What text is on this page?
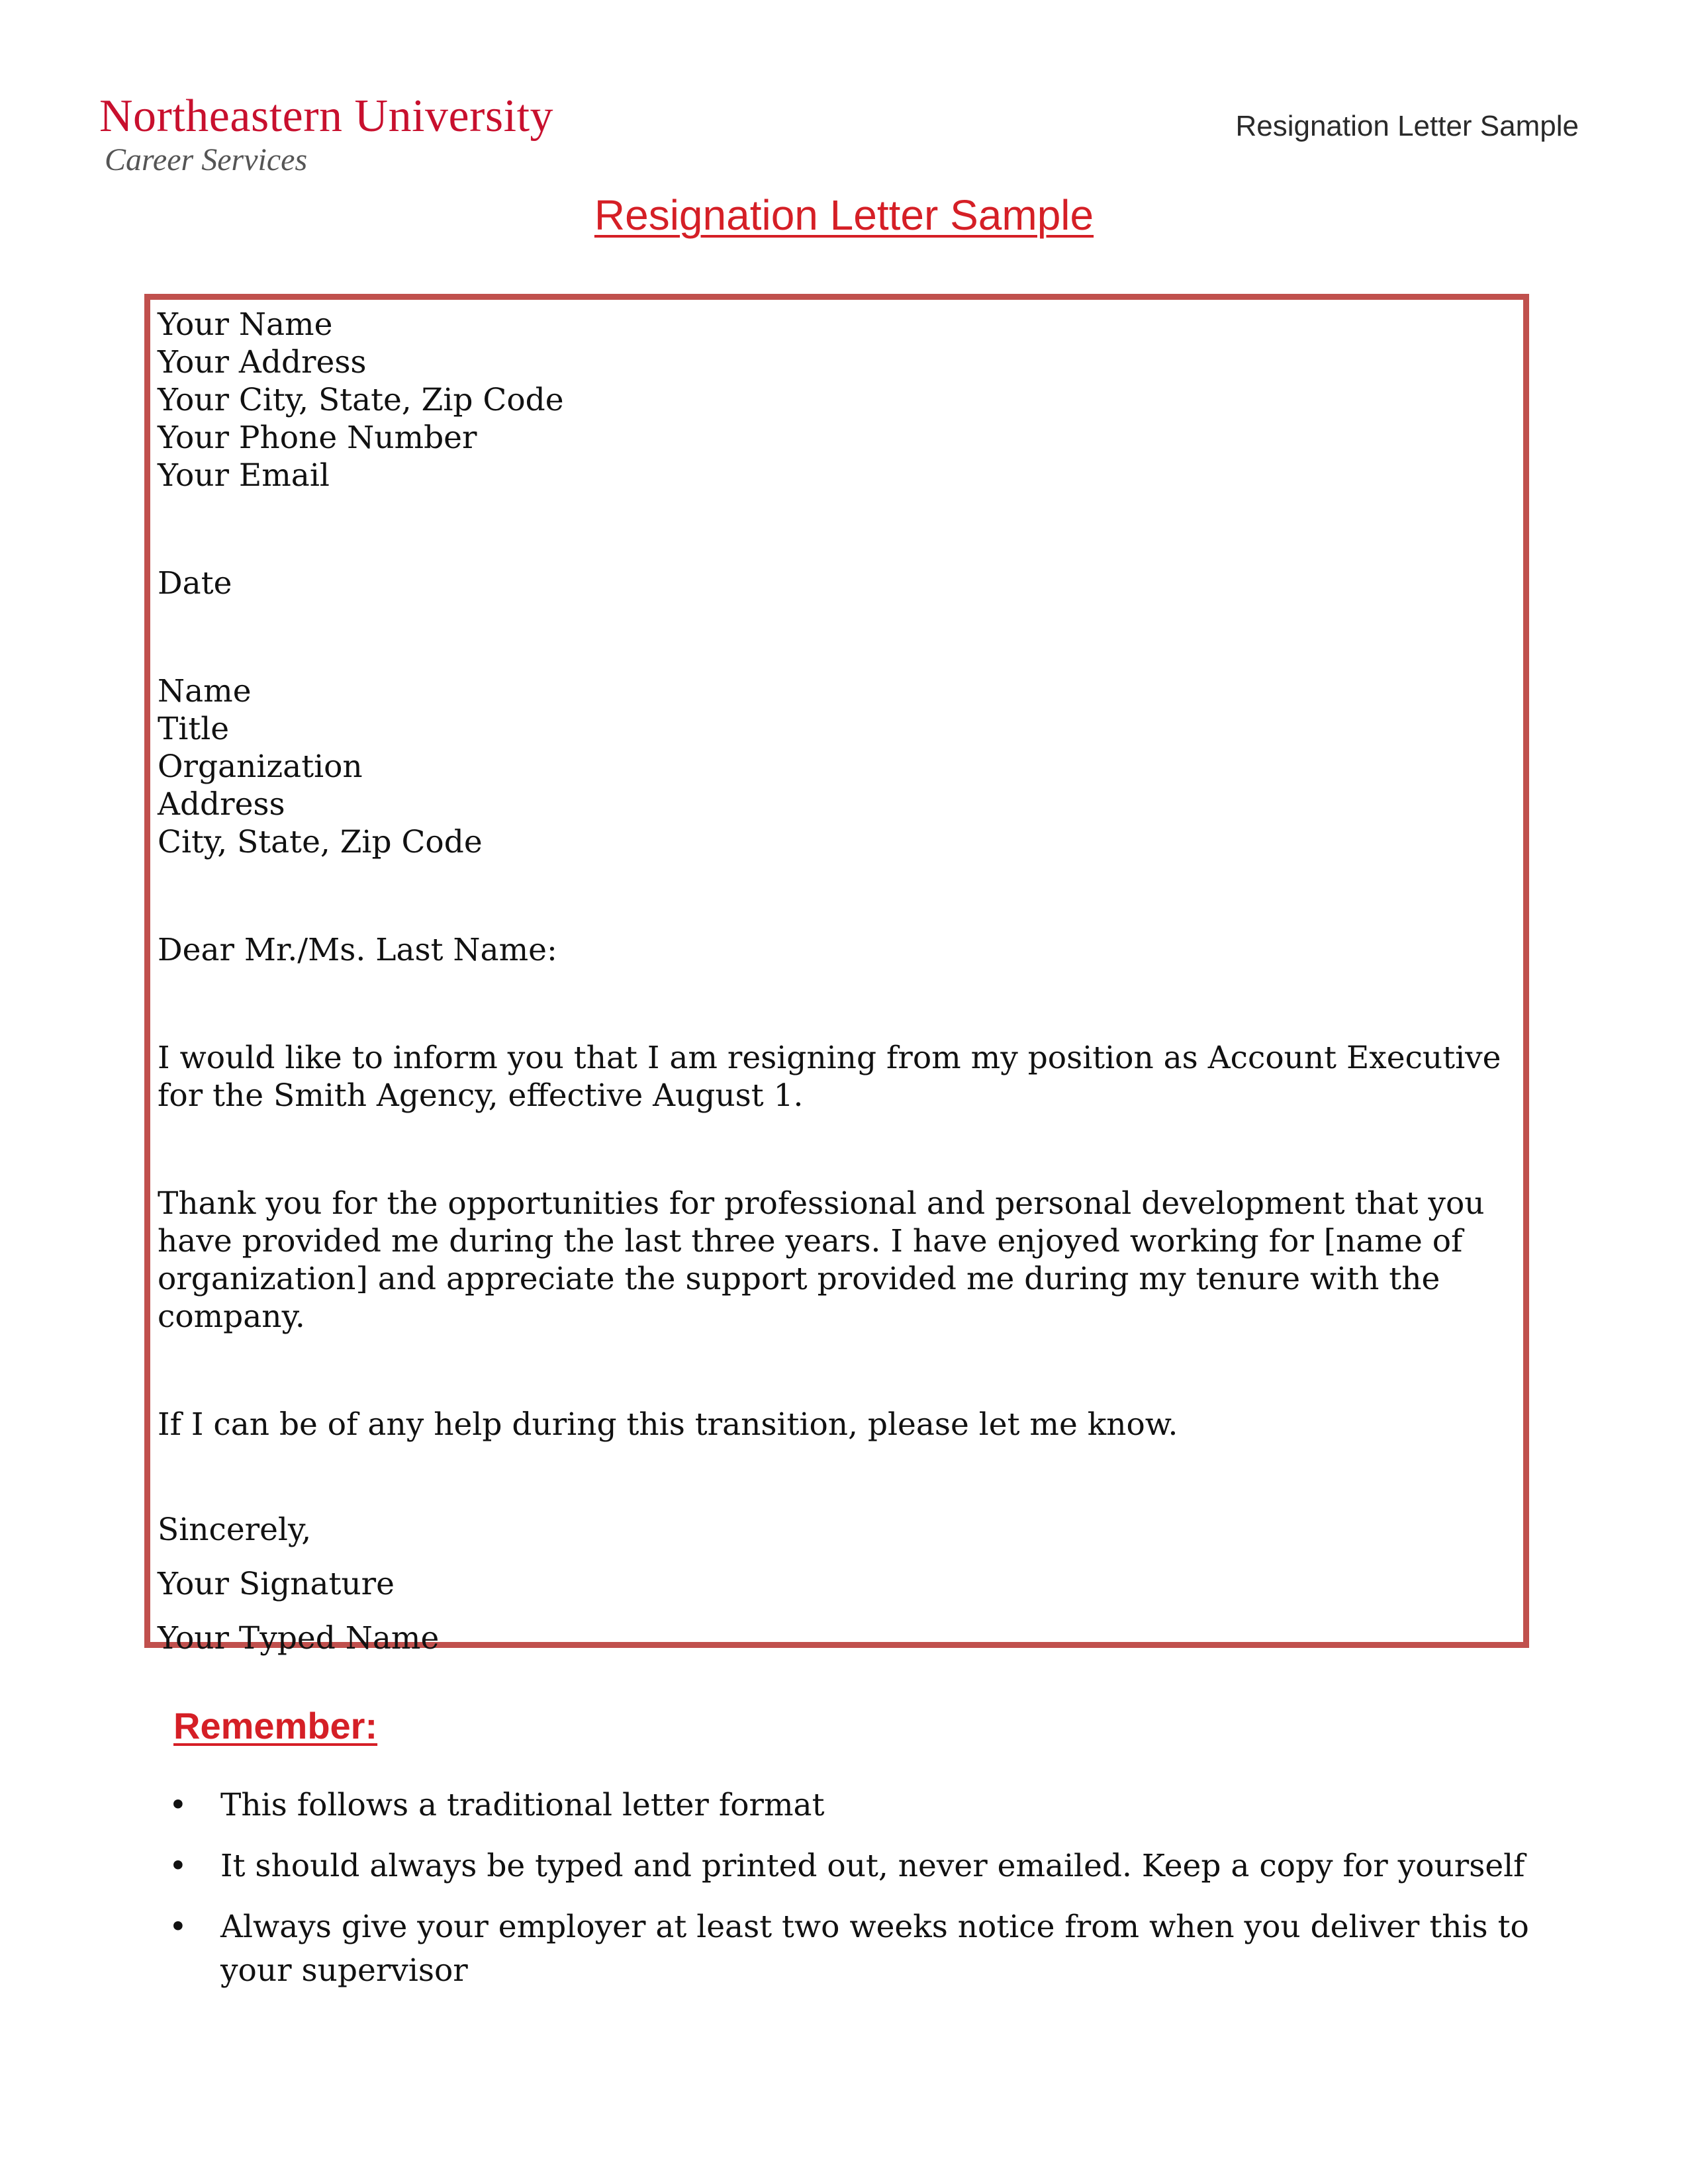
Northeastern University
Career Services
Resignation Letter Sample
Resignation Letter Sample
Your Name
Your Address
Your City, State, Zip Code
Your Phone Number
Your Email
Date
Name
Title
Organization
Address
City, State, Zip Code
Dear Mr./Ms. Last Name:
I would like to inform you that I am resigning from my position as Account Executive for the Smith Agency, effective August 1.
Thank you for the opportunities for professional and personal development that you have provided me during the last three years. I have enjoyed working for [name of organization] and appreciate the support provided me during my tenure with the company.
If I can be of any help during this transition, please let me know.
Sincerely,
Your Signature
Your Typed Name
Remember:
• This follows a traditional letter format
• It should always be typed and printed out, never emailed. Keep a copy for yourself
• Always give your employer at least two weeks notice from when you deliver this to your supervisor
